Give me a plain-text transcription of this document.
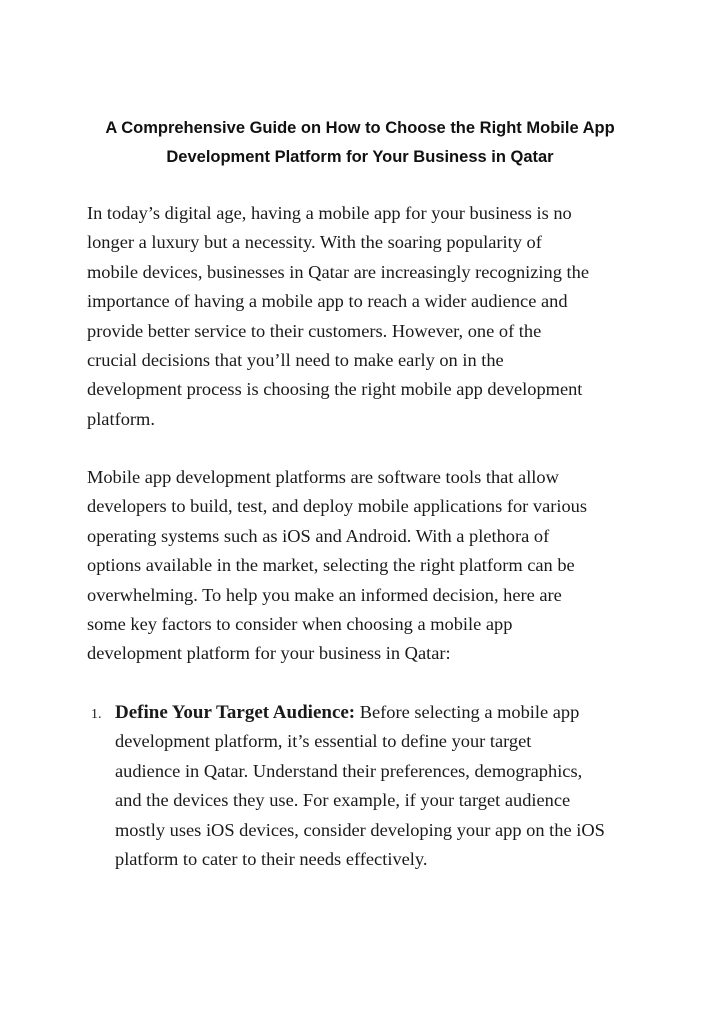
A Comprehensive Guide on How to Choose the Right Mobile App
Development Platform for Your Business in Qatar

In today’s digital age, having a mobile app for your business is no
longer a luxury but a necessity. With the soaring popularity of
mobile devices, businesses in Qatar are increasingly recognizing the
importance of having a mobile app to reach a wider audience and
provide better service to their customers. However, one of the
crucial decisions that you’ll need to make early on in the
development process is choosing the right mobile app development
platform.

Mobile app development platforms are software tools that allow
developers to build, test, and deploy mobile applications for various
operating systems such as iOS and Android. With a plethora of
options available in the market, selecting the right platform can be
overwhelming. To help you make an informed decision, here are
some key factors to consider when choosing a mobile app
development platform for your business in Qatar:

1. Define Your Target Audience: Before selecting a mobile app
development platform, it’s essential to define your target
audience in Qatar. Understand their preferences, demographics,
and the devices they use. For example, if your target audience
mostly uses iOS devices, consider developing your app on the iOS
platform to cater to their needs effectively.
